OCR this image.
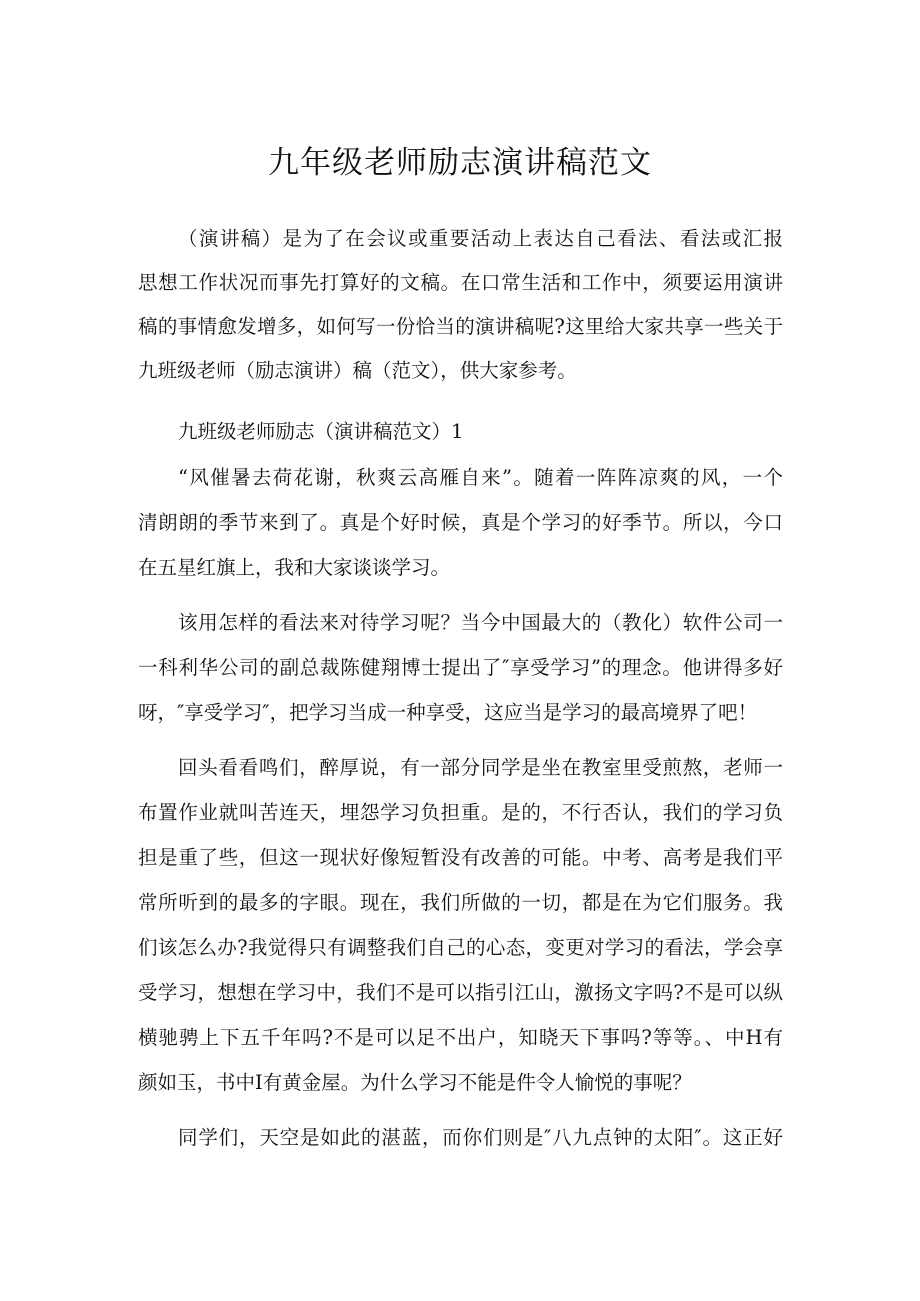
九年级老师励志演讲稿范文
（演讲稿）是为了在会议或重要活动上表达自己看法、看法或汇报
思想工作状况而事先打算好的文稿。在口常生活和工作中，须要运用演讲
稿的事情愈发增多，如何写一份恰当的演讲稿呢?这里给大家共享一些关于
九班级老师（励志演讲）稿（范文），供大家参考。
九班级老师励志（演讲稿范文）1
“风催暑去荷花谢，秋爽云高雁自来”。随着一阵阵凉爽的风，一个
清朗朗的季节来到了。真是个好时候，真是个学习的好季节。所以，今口
在五星红旗上，我和大家谈谈学习。
该用怎样的看法来对待学习呢？当今中国最大的（教化）软件公司一
一科利华公司的副总裁陈健翔博士提出了″享受学习”的理念。他讲得多好
呀，″享受学习″，把学习当成一种享受，这应当是学习的最高境界了吧！
回头看看鸣们，醉厚说，有一部分同学是坐在教室里受煎熬，老师一
布置作业就叫苦连天，埋怨学习负担重。是的，不行否认，我们的学习负
担是重了些，但这一现状好像短暂没有改善的可能。中考、高考是我们平
常所听到的最多的字眼。现在，我们所做的一切，都是在为它们服务。我
们该怎么办?我觉得只有调整我们自己的心态，变更对学习的看法，学会享
受学习，想想在学习中，我们不是可以指引江山，激扬文字吗?不是可以纵
横驰骋上下五千年吗?不是可以足不出户，知晓天下事吗?等等。、中H有
颜如玉，书中I有黄金屋。为什么学习不能是件令人愉悦的事呢？
同学们，天空是如此的湛蓝，而你们则是″八九点钟的太阳″。这正好
